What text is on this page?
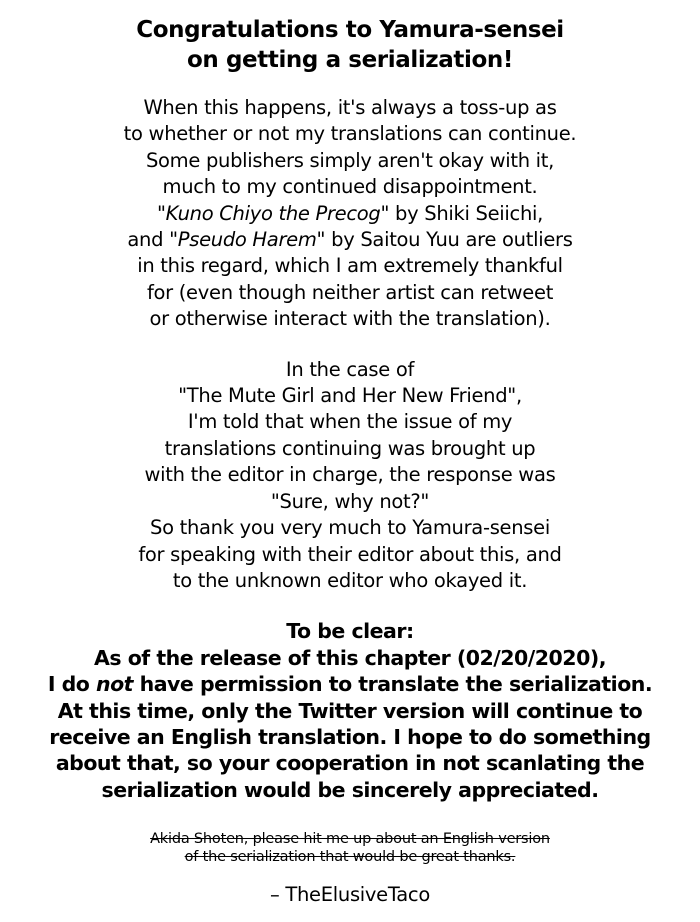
Congratulations to Yamura-sensei
on getting a serialization!

When this happens, it's always a toss-up as
to whether or not my translations can continue.
Some publishers simply aren't okay with it,
much to my continued disappointment.
"Kuno Chiyo the Precog" by Shiki Seiichi,
and "Pseudo Harem" by Saitou Yuu are outliers
in this regard, which I am extremely thankful
for (even though neither artist can retweet
or otherwise interact with the translation).

In the case of
"The Mute Girl and Her New Friend",
I'm told that when the issue of my
translations continuing was brought up
with the editor in charge, the response was
"Sure, why not?"
So thank you very much to Yamura-sensei
for speaking with their editor about this, and
to the unknown editor who okayed it.

To be clear:
As of the release of this chapter (02/20/2020),
I do not have permission to translate the serialization.
At this time, only the Twitter version will continue to
receive an English translation. I hope to do something
about that, so your cooperation in not scanlating the
serialization would be sincerely appreciated.

Akida Shoten, please hit me up about an English version
of the serialization that would be great thanks.

– TheElusiveTaco
